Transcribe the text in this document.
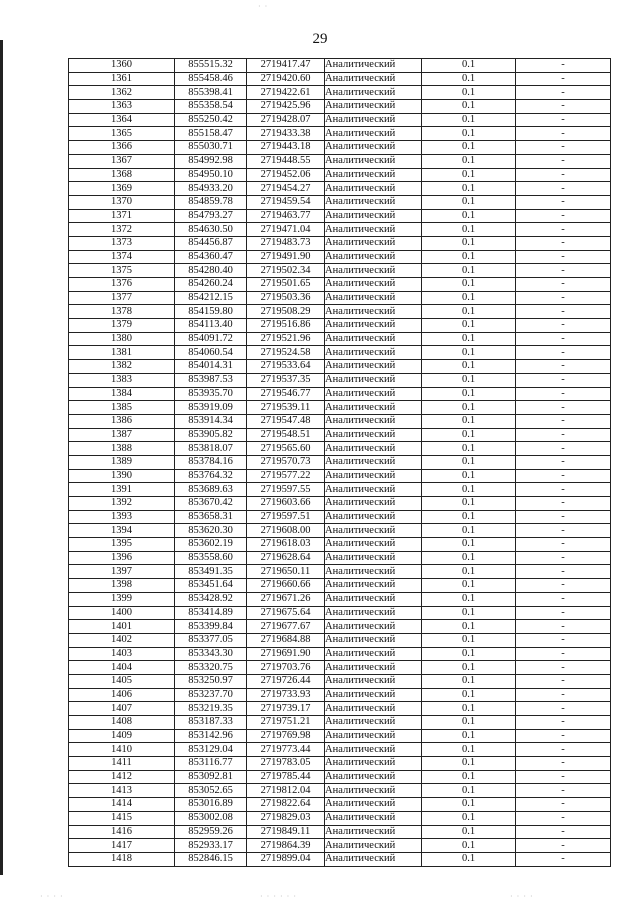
29
1360	855515.32	2719417.47	Аналитический	0.1	-
1361	855458.46	2719420.60	Аналитический	0.1	-
1362	855398.41	2719422.61	Аналитический	0.1	-
1363	855358.54	2719425.96	Аналитический	0.1	-
1364	855250.42	2719428.07	Аналитический	0.1	-
1365	855158.47	2719433.38	Аналитический	0.1	-
1366	855030.71	2719443.18	Аналитический	0.1	-
1367	854992.98	2719448.55	Аналитический	0.1	-
1368	854950.10	2719452.06	Аналитический	0.1	-
1369	854933.20	2719454.27	Аналитический	0.1	-
1370	854859.78	2719459.54	Аналитический	0.1	-
1371	854793.27	2719463.77	Аналитический	0.1	-
1372	854630.50	2719471.04	Аналитический	0.1	-
1373	854456.87	2719483.73	Аналитический	0.1	-
1374	854360.47	2719491.90	Аналитический	0.1	-
1375	854280.40	2719502.34	Аналитический	0.1	-
1376	854260.24	2719501.65	Аналитический	0.1	-
1377	854212.15	2719503.36	Аналитический	0.1	-
1378	854159.80	2719508.29	Аналитический	0.1	-
1379	854113.40	2719516.86	Аналитический	0.1	-
1380	854091.72	2719521.96	Аналитический	0.1	-
1381	854060.54	2719524.58	Аналитический	0.1	-
1382	854014.31	2719533.64	Аналитический	0.1	-
1383	853987.53	2719537.35	Аналитический	0.1	-
1384	853935.70	2719546.77	Аналитический	0.1	-
1385	853919.09	2719539.11	Аналитический	0.1	-
1386	853914.34	2719547.48	Аналитический	0.1	-
1387	853905.82	2719548.51	Аналитический	0.1	-
1388	853818.07	2719565.60	Аналитический	0.1	-
1389	853784.16	2719570.73	Аналитический	0.1	-
1390	853764.32	2719577.22	Аналитический	0.1	-
1391	853689.63	2719597.55	Аналитический	0.1	-
1392	853670.42	2719603.66	Аналитический	0.1	-
1393	853658.31	2719597.51	Аналитический	0.1	-
1394	853620.30	2719608.00	Аналитический	0.1	-
1395	853602.19	2719618.03	Аналитический	0.1	-
1396	853558.60	2719628.64	Аналитический	0.1	-
1397	853491.35	2719650.11	Аналитический	0.1	-
1398	853451.64	2719660.66	Аналитический	0.1	-
1399	853428.92	2719671.26	Аналитический	0.1	-
1400	853414.89	2719675.64	Аналитический	0.1	-
1401	853399.84	2719677.67	Аналитический	0.1	-
1402	853377.05	2719684.88	Аналитический	0.1	-
1403	853343.30	2719691.90	Аналитический	0.1	-
1404	853320.75	2719703.76	Аналитический	0.1	-
1405	853250.97	2719726.44	Аналитический	0.1	-
1406	853237.70	2719733.93	Аналитический	0.1	-
1407	853219.35	2719739.17	Аналитический	0.1	-
1408	853187.33	2719751.21	Аналитический	0.1	-
1409	853142.96	2719769.98	Аналитический	0.1	-
1410	853129.04	2719773.44	Аналитический	0.1	-
1411	853116.77	2719783.05	Аналитический	0.1	-
1412	853092.81	2719785.44	Аналитический	0.1	-
1413	853052.65	2719812.04	Аналитический	0.1	-
1414	853016.89	2719822.64	Аналитический	0.1	-
1415	853002.08	2719829.03	Аналитический	0.1	-
1416	852959.26	2719849.11	Аналитический	0.1	-
1417	852933.17	2719864.39	Аналитический	0.1	-
1418	852846.15	2719899.04	Аналитический	0.1	-
· ·
· · · ·	· · · · · ·	· · · ·
